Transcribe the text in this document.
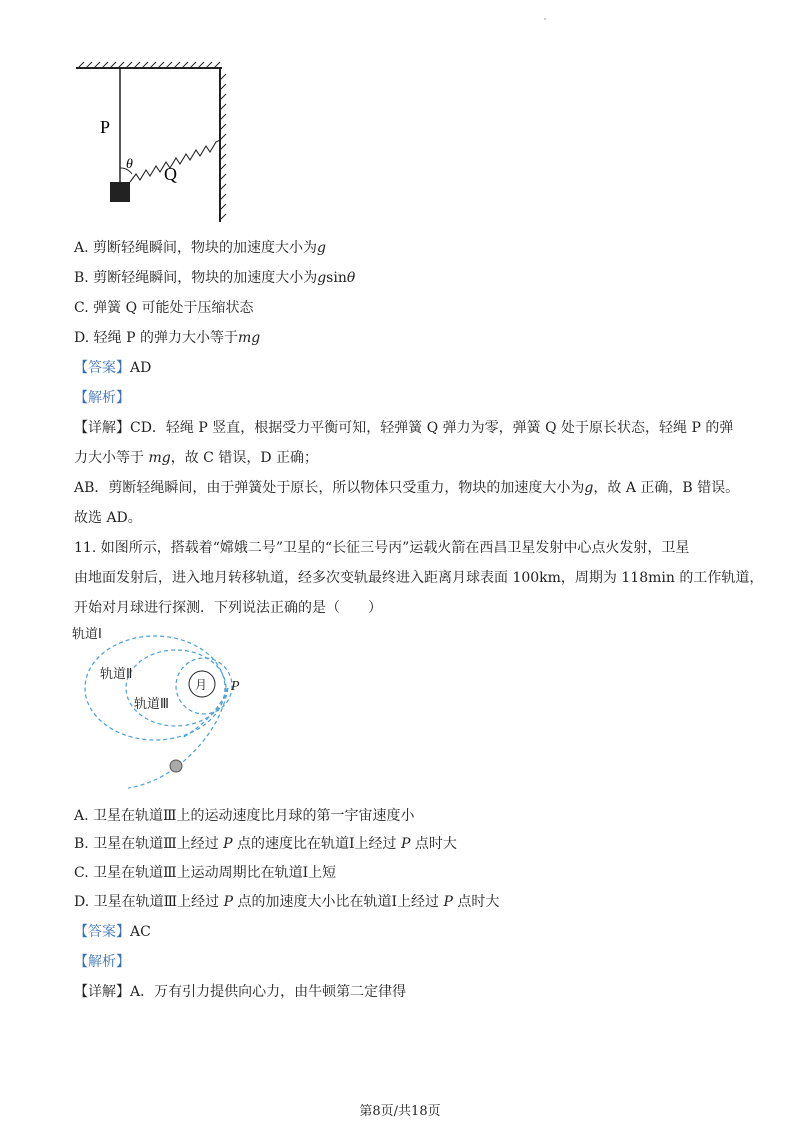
P
Q
θ
A. 剪断轻绳瞬间，物块的加速度大小为g
B. 剪断轻绳瞬间，物块的加速度大小为gsinθ
C. 弹簧 Q 可能处于压缩状态
D. 轻绳 P 的弹力大小等于mg
【答案】AD
【解析】
【详解】CD．轻绳 P 竖直，根据受力平衡可知，轻弹簧 Q 弹力为零，弹簧 Q 处于原长状态，轻绳 P 的弹
力大小等于 mg，故 C 错误，D 正确；
AB．剪断轻绳瞬间，由于弹簧处于原长，所以物体只受重力，物块的加速度大小为g，故 A 正确，B 错误。
故选 AD。
11. 如图所示，搭载着“嫦娥二号”卫星的“长征三号丙”运载火箭在西昌卫星发射中心点火发射，卫星
由地面发射后，进入地月转移轨道，经多次变轨最终进入距离月球表面 100km，周期为 118min 的工作轨道，
开始对月球进行探测．下列说法正确的是（　　）
轨道Ⅰ
轨道Ⅱ
轨道Ⅲ
月 P
A. 卫星在轨道Ⅲ上的运动速度比月球的第一宇宙速度小
B. 卫星在轨道Ⅲ上经过 P 点的速度比在轨道Ⅰ上经过 P 点时大
C. 卫星在轨道Ⅲ上运动周期比在轨道Ⅰ上短
D. 卫星在轨道Ⅲ上经过 P 点的加速度大小比在轨道Ⅰ上经过 P 点时大
【答案】AC
【解析】
【详解】A．万有引力提供向心力，由牛顿第二定律得
第8页/共18页
